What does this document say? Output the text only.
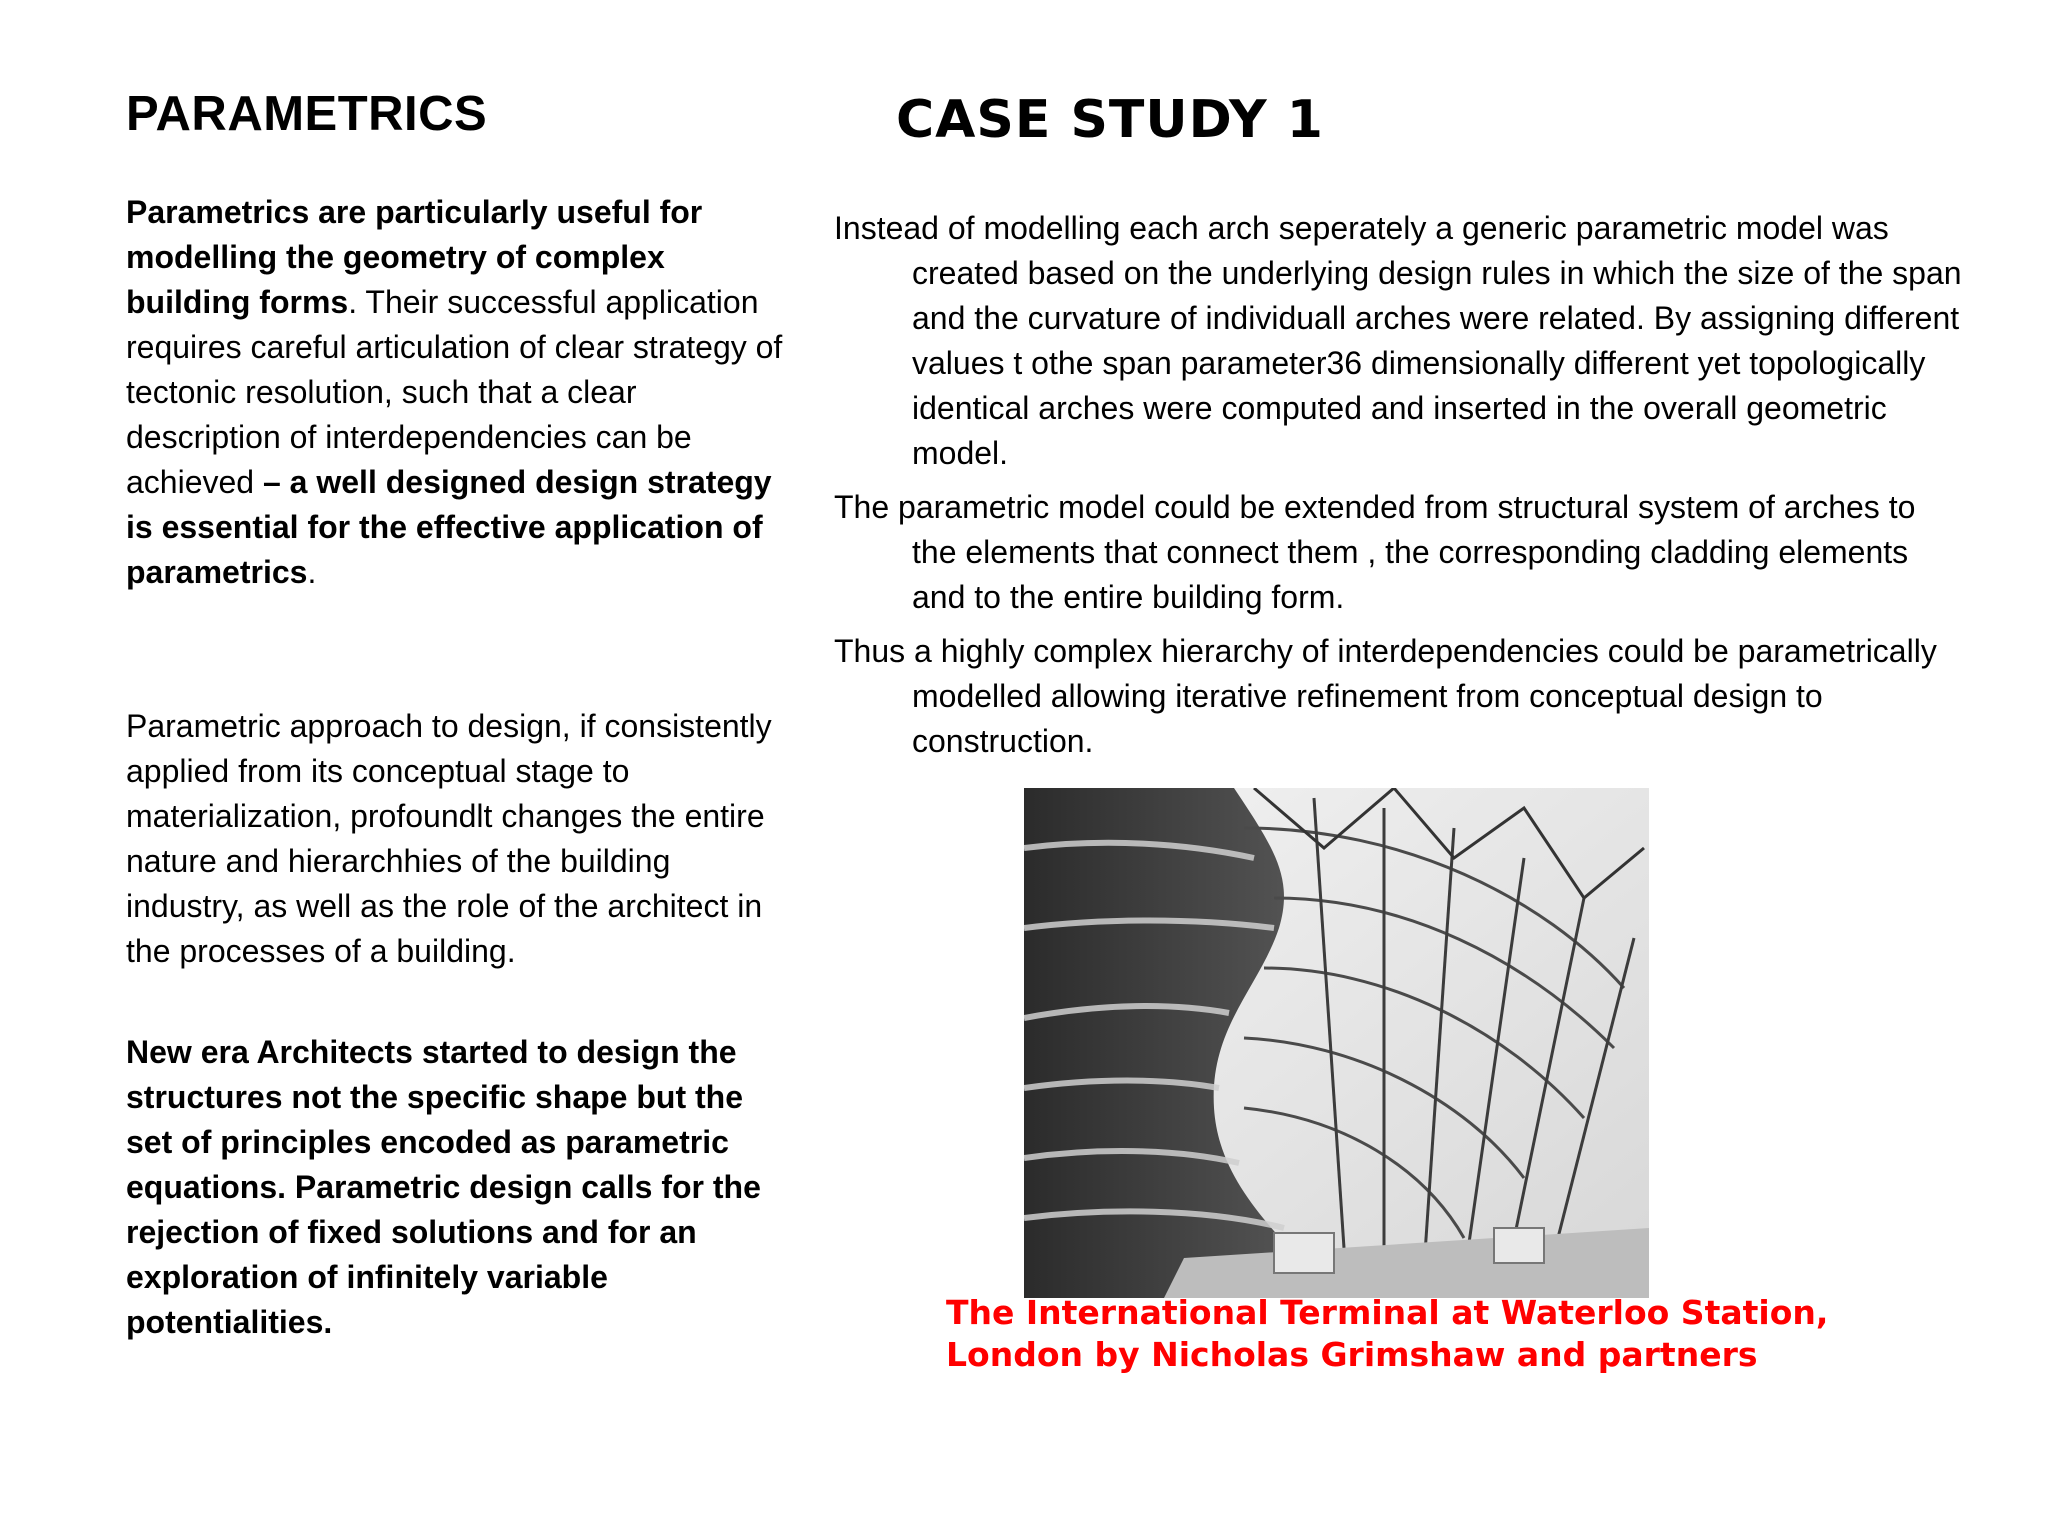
PARAMETRICS

Parametrics are particularly useful for modelling the geometry of complex building forms. Their successful application requires careful articulation of clear strategy of tectonic resolution, such that a clear description of interdependencies can be achieved – a well designed design strategy is essential for the effective application of parametrics.

Parametric approach to design, if consistently applied from its conceptual stage to materialization, profoundlt changes the entire nature and hierarchhies of the building industry, as well as the role of the architect in the processes of a building.

New era Architects started to design the structures not the specific shape but the set of principles encoded as parametric equations. Parametric design calls for the rejection of fixed solutions and for an exploration of infinitely variable potentialities.

CASE STUDY 1

Instead of modelling each arch seperately a generic parametric model was created based on the underlying design rules in which the size of the span and the curvature of individuall arches were related. By assigning different values t othe span parameter36 dimensionally different yet topologically identical arches were computed and inserted in the overall geometric model.

The parametric model could be extended from structural system of arches to the elements that connect them , the corresponding cladding elements and to the entire building form.

Thus a highly complex hierarchy of interdependencies could be parametrically modelled allowing iterative refinement from conceptual design to construction.

The International Terminal at Waterloo Station,
London by Nicholas Grimshaw and partners
